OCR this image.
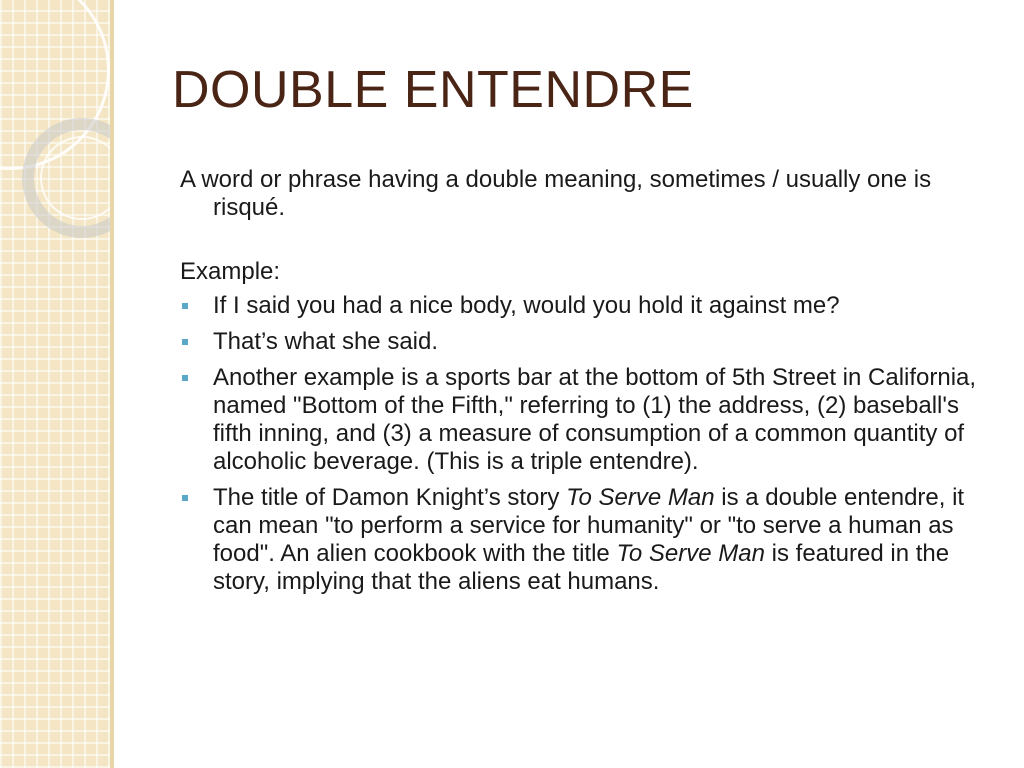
DOUBLE ENTENDRE

A word or phrase having a double meaning, sometimes / usually one is risqué.

Example:

If I said you had a nice body, would you hold it against me?
That’s what she said.
Another example is a sports bar at the bottom of 5th Street in California, named "Bottom of the Fifth," referring to (1) the address, (2) baseball's fifth inning, and (3) a measure of consumption of a common quantity of alcoholic beverage. (This is a triple entendre).
The title of Damon Knight’s story To Serve Man is a double entendre, it can mean "to perform a service for humanity" or "to serve a human as food". An alien cookbook with the title To Serve Man is featured in the story, implying that the aliens eat humans.
